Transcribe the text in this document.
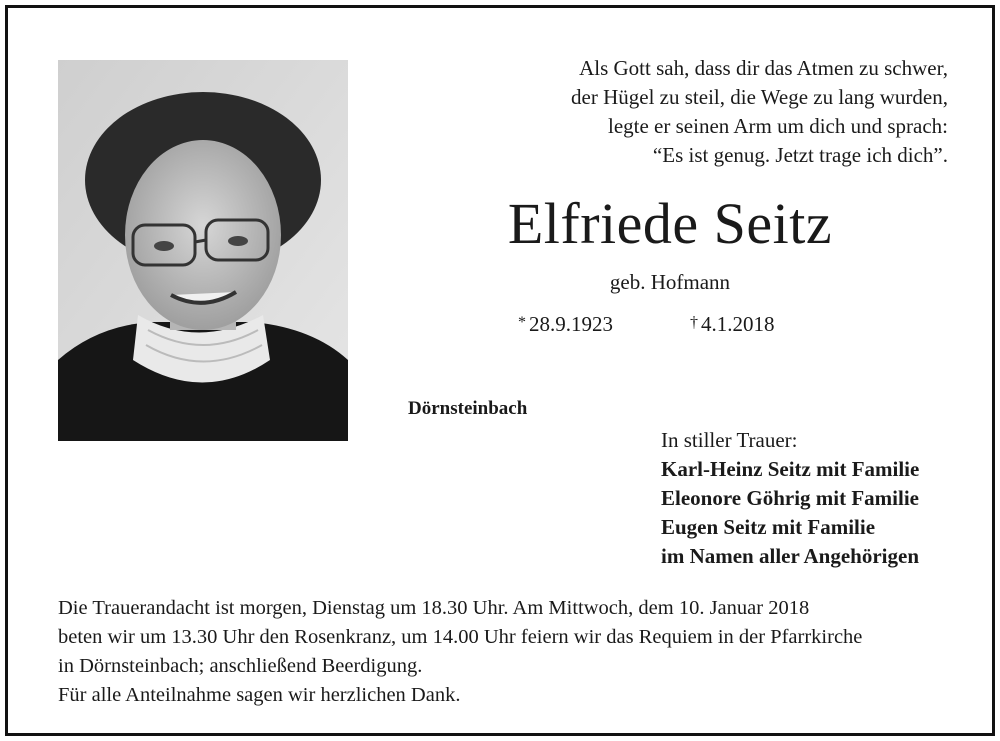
Als Gott sah, dass dir das Atmen zu schwer,
der Hügel zu steil, die Wege zu lang wurden,
legte er seinen Arm um dich und sprach:
“Es ist genug. Jetzt trage ich dich”.
Elfriede Seitz
geb. Hofmann
* 28.9.1923	† 4.1.2018
Dörnsteinbach
In stiller Trauer:
Karl-Heinz Seitz mit Familie
Eleonore Göhrig mit Familie
Eugen Seitz mit Familie
im Namen aller Angehörigen
Die Trauerandacht ist morgen, Dienstag um 18.30 Uhr. Am Mittwoch, dem 10. Januar 2018
beten wir um 13.30 Uhr den Rosenkranz, um 14.00 Uhr feiern wir das Requiem in der Pfarrkirche
in Dörnsteinbach; anschließend Beerdigung.
Für alle Anteilnahme sagen wir herzlichen Dank.
